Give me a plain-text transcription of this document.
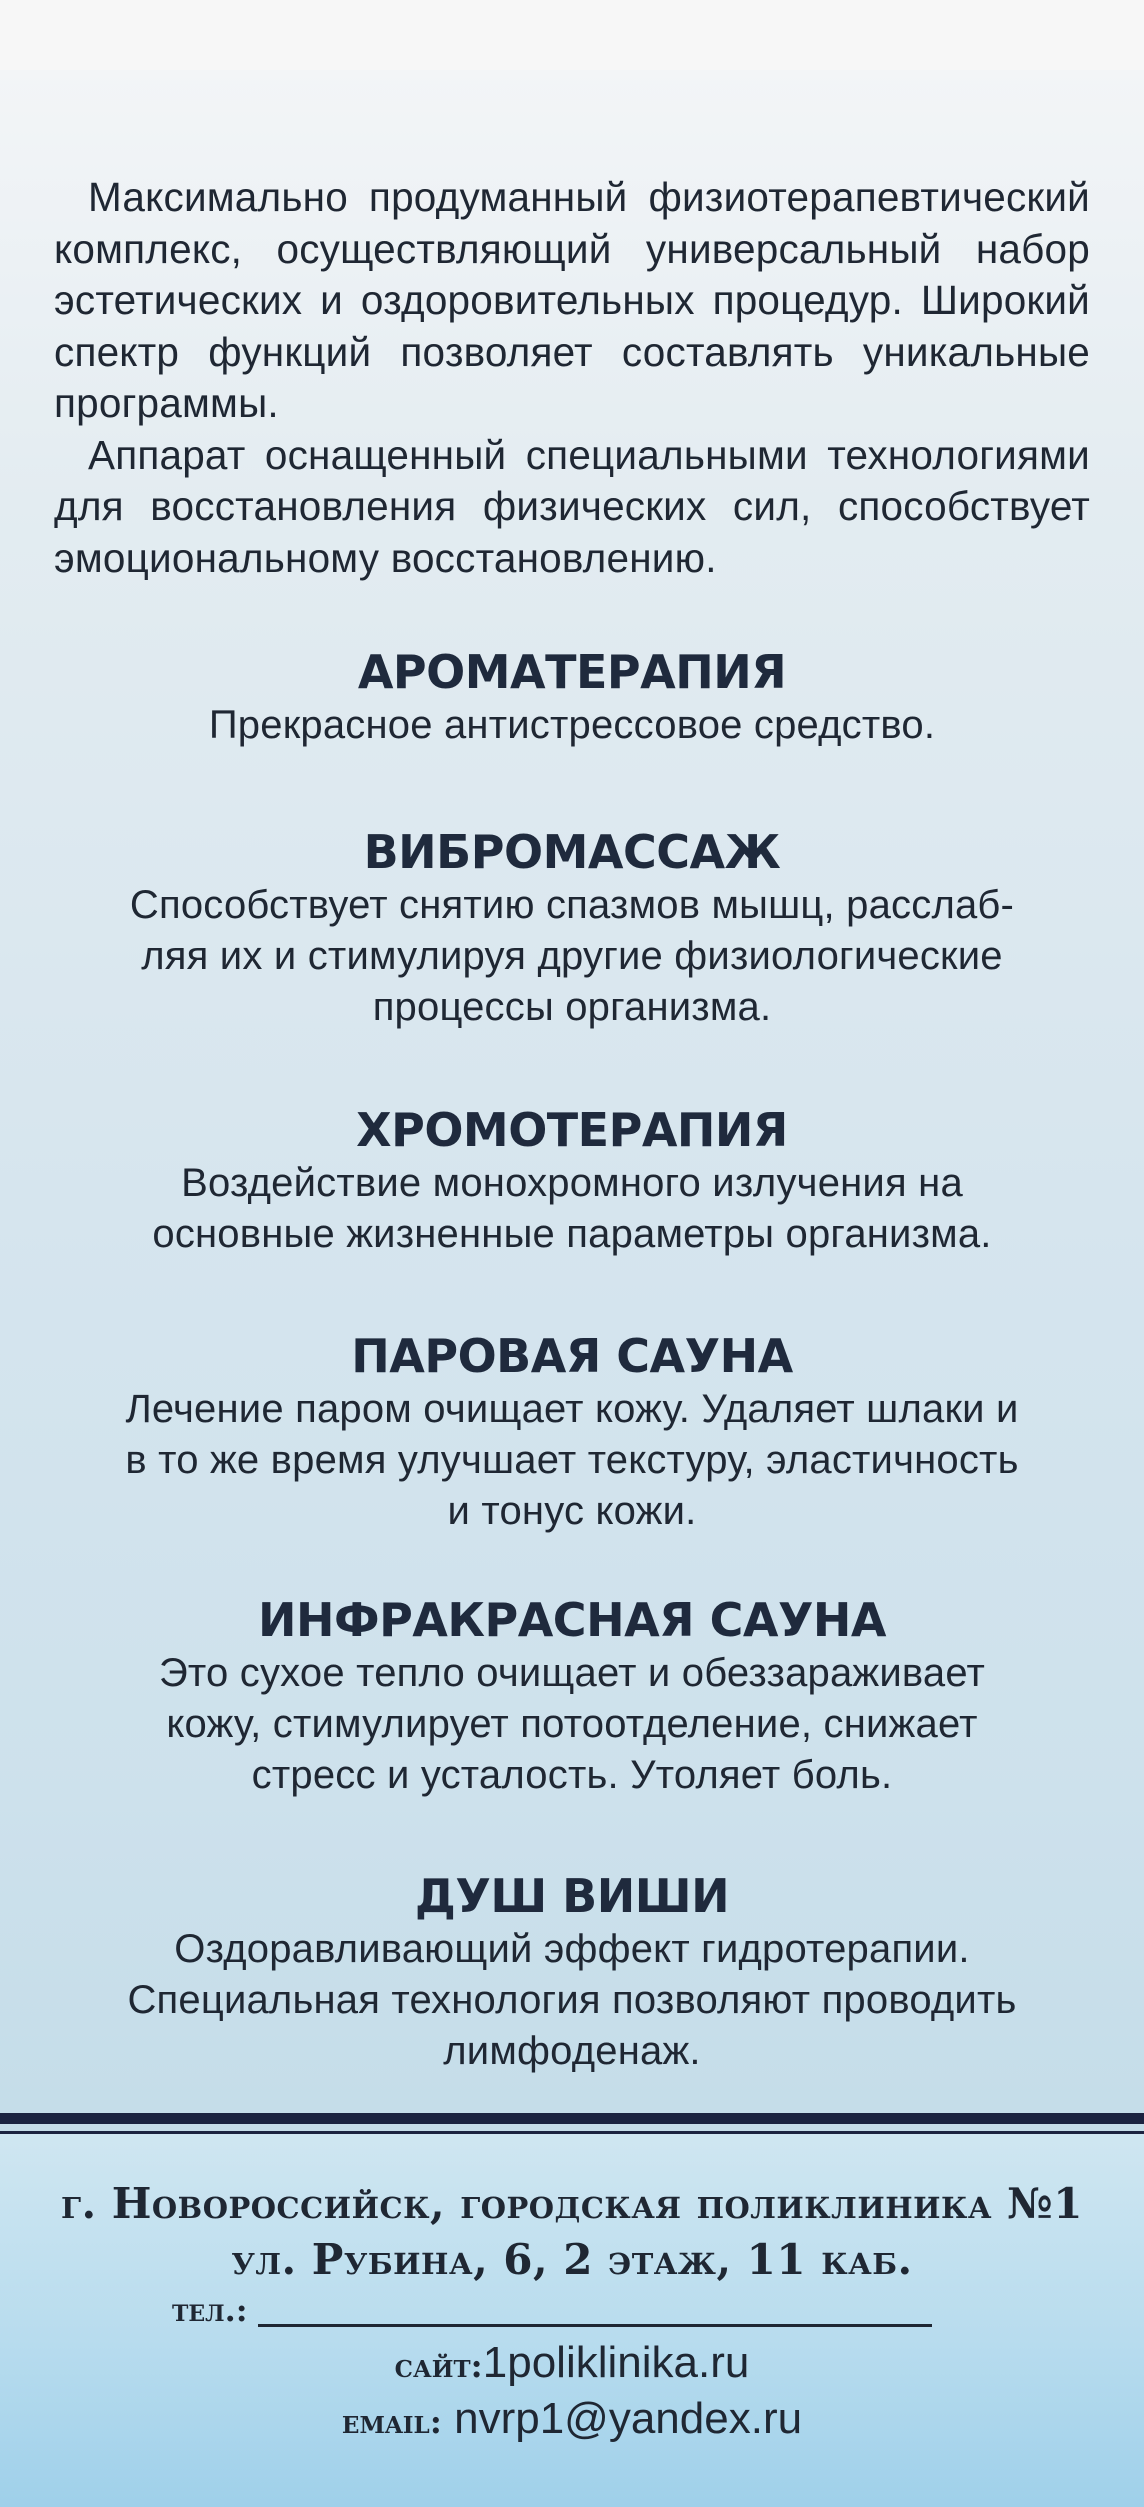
Максимально продуманный физиотерапевтический комплекс, осуществляющий универсальный набор эстетических и оздоровительных процедур. Широкий спектр функций позволяет составлять уникальные программы.

Аппарат оснащенный специальными технологиями для восстановления физических сил, способствует эмоциональному восстановлению.

АРОМАТЕРАПИЯ

Прекрасное антистрессовое средство.

ВИБРОМАССАЖ

Способствует снятию спазмов мышц, расслаб-

ляя их и стимулируя другие физиологические

процессы организма.

ХРОМОТЕРАПИЯ

Воздействие монохромного излучения на

основные жизненные параметры организма.

ПАРОВАЯ САУНА

Лечение паром очищает кожу. Удаляет шлаки и

в то же время улучшает текстуру, эластичность

и тонус кожи.

ИНФРАКРАСНАЯ САУНА

Это сухое тепло очищает и обеззараживает

кожу, стимулирует потоотделение, снижает

стресс и усталость. Утоляет боль.

ДУШ ВИШИ

Оздоравливающий эффект гидротерапии.

Специальная технология позволяют проводить

лимфоденаж.

г. Новороссийск, городская поликлиника №1
ул. Рубина, 6, 2 этаж, 11 каб.
тел.:
сайт:1poliklinika.ru
email: nvrp1@yandex.ru
